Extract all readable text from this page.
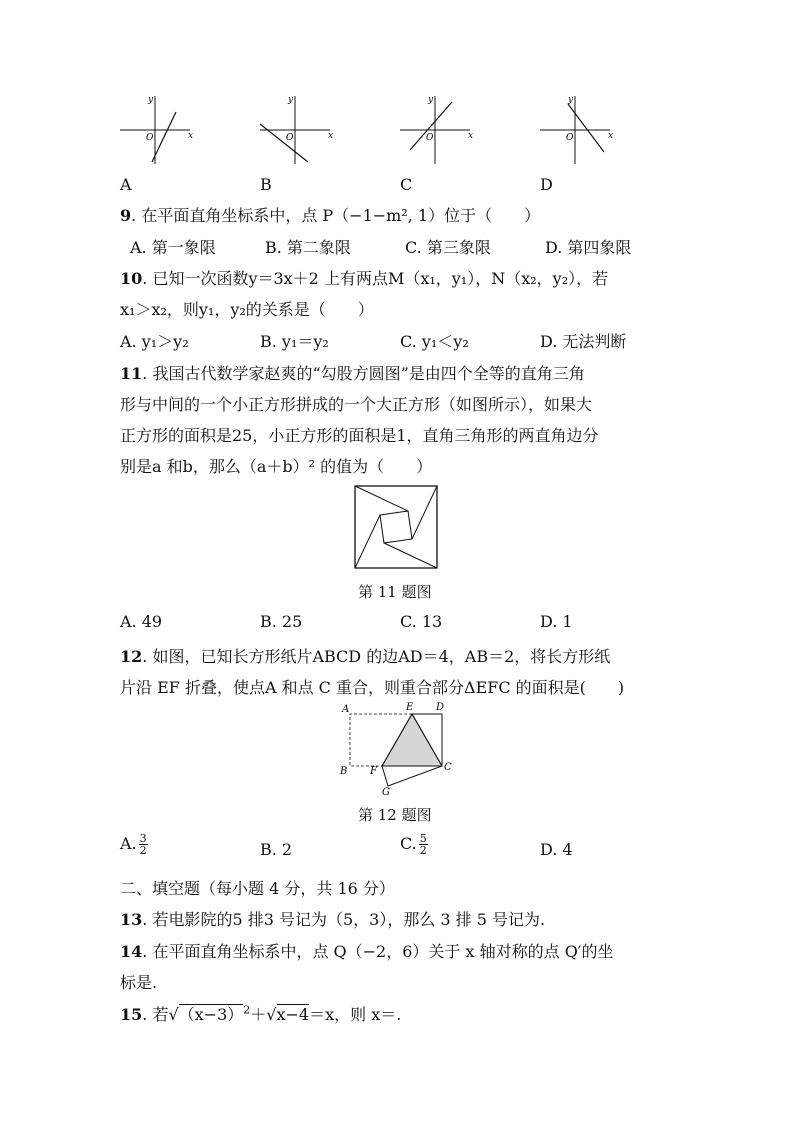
y
x
O
y
x
O
y
x
O
y
x
O
A	B	C	D
9. 在平面直角坐标系中，点 P（−1−m², 1）位于（　　）
A. 第一象限	B. 第二象限	C. 第三象限	D. 第四象限
10. 已知一次函数y＝3x＋2 上有两点M（x₁，y₁），N（x₂，y₂），若
x₁＞x₂，则y₁，y₂的关系是（　　）
A. y₁＞y₂	B. y₁＝y₂	C. y₁＜y₂	D. 无法判断
11. 我国古代数学家赵爽的“勾股方圆图”是由四个全等的直角三角
形与中间的一个小正方形拼成的一个大正方形（如图所示），如果大
正方形的面积是25，小正方形的面积是1，直角三角形的两直角边分
别是a 和b，那么（a＋b）² 的值为（　　）
第 11 题图
A. 49	B. 25	C. 13	D. 1
12. 如图，已知长方形纸片ABCD 的边AD＝4，AB＝2，将长方形纸
片沿 EF 折叠，使点A 和点 C 重合，则重合部分ΔEFC 的面积是(　　)
A	E D
B F	C
G
第 12 题图
A. $\frac{3}{2}$	B. 2	C. $\frac{5}{2}$	D. 4
二、填空题（每小题 4 分，共 16 分）
13. 若电影院的5 排3 号记为（5，3），那么 3 排 5 号记为.
14. 在平面直角坐标系中，点 Q（−2，6）关于 x 轴对称的点 Q′的坐
标是.
15. 若$√(x-3)^2+√x-4=x$，则 x＝.
